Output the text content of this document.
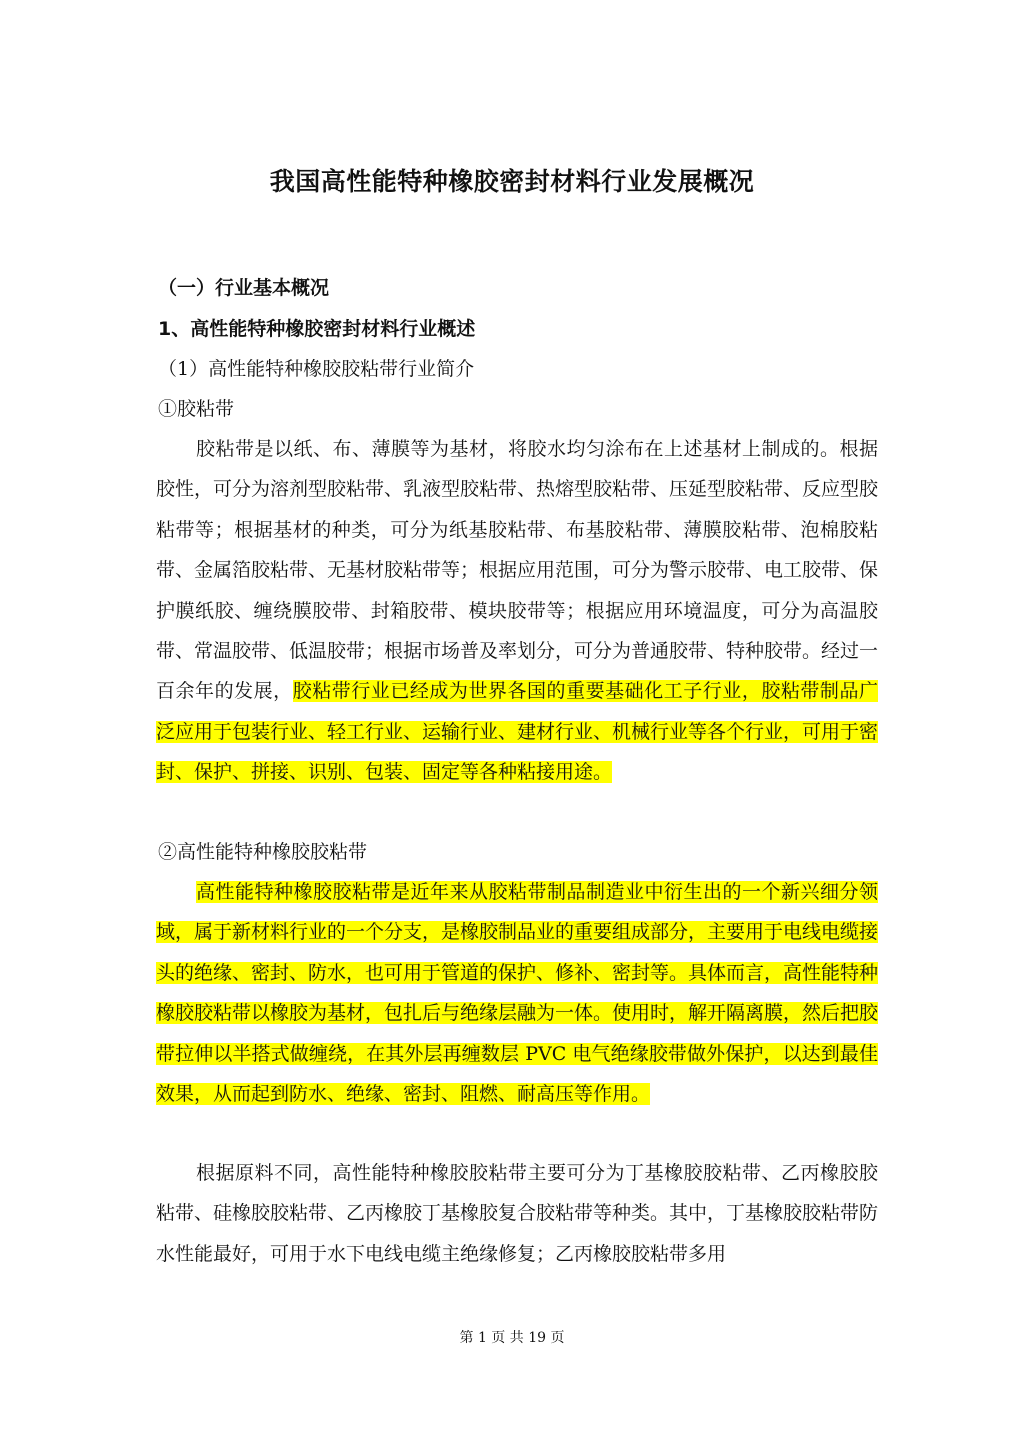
我国高性能特种橡胶密封材料行业发展概况
（一）行业基本概况
1、高性能特种橡胶密封材料行业概述
（1）高性能特种橡胶胶粘带行业简介
①胶粘带

胶粘带是以纸、布、薄膜等为基材，将胶水均匀涂布在上述基材上制成的。根据胶性，可分为溶剂型胶粘带、乳液型胶粘带、热熔型胶粘带、压延型胶粘带、反应型胶粘带等；根据基材的种类，可分为纸基胶粘带、布基胶粘带、薄膜胶粘带、泡棉胶粘带、金属箔胶粘带、无基材胶粘带等；根据应用范围，可分为警示胶带、电工胶带、保护膜纸胶、缠绕膜胶带、封箱胶带、模块胶带等；根据应用环境温度，可分为高温胶带、常温胶带、低温胶带；根据市场普及率划分，可分为普通胶带、特种胶带。经过一百余年的发展，胶粘带行业已经成为世界各国的重要基础化工子行业，胶粘带制品广泛应用于包装行业、轻工行业、运输行业、建材行业、机械行业等各个行业，可用于密封、保护、拼接、识别、包装、固定等各种粘接用途。

②高性能特种橡胶胶粘带

高性能特种橡胶胶粘带是近年来从胶粘带制品制造业中衍生出的一个新兴细分领域，属于新材料行业的一个分支，是橡胶制品业的重要组成部分，主要用于电线电缆接头的绝缘、密封、防水，也可用于管道的保护、修补、密封等。具体而言，高性能特种橡胶胶粘带以橡胶为基材，包扎后与绝缘层融为一体。使用时，解开隔离膜，然后把胶带拉伸以半搭式做缠绕，在其外层再缠数层 PVC 电气绝缘胶带做外保护，以达到最佳效果，从而起到防水、绝缘、密封、阻燃、耐高压等作用。

根据原料不同，高性能特种橡胶胶粘带主要可分为丁基橡胶胶粘带、乙丙橡胶胶粘带、硅橡胶胶粘带、乙丙橡胶丁基橡胶复合胶粘带等种类。其中，丁基橡胶胶粘带防水性能最好，可用于水下电线电缆主绝缘修复；乙丙橡胶胶粘带多用

第 1 页 共 19 页
